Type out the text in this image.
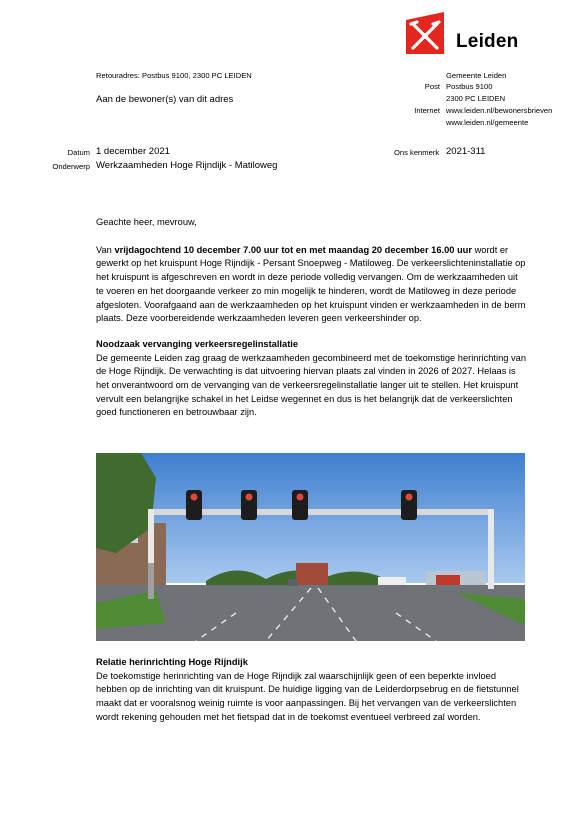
Leiden
Retouradres: Postbus 9100, 2300 PC LEIDEN
Aan de bewoner(s) van dit adres
Gemeente Leiden
Post Postbus 9100
2300 PC LEIDEN
Internet www.leiden.nl/bewonersbrieven
www.leiden.nl/gemeente
Datum 1 december 2021
Onderwerp Werkzaamheden Hoge Rijndijk - Matiloweg
Ons kenmerk 2021-311

Geachte heer, mevrouw,

Van vrijdagochtend 10 december 7.00 uur tot en met maandag 20 december 16.00 uur wordt er gewerkt op het kruispunt Hoge Rijndijk - Persant Snoepweg - Matiloweg. De verkeerslichteninstallatie op het kruispunt is afgeschreven en wordt in deze periode volledig vervangen. Om de werkzaamheden uit te voeren en het doorgaande verkeer zo min mogelijk te hinderen, wordt de Matiloweg in deze periode afgesloten. Voorafgaand aan de werkzaamheden op het kruispunt vinden er werkzaamheden in de berm plaats. Deze voorbereidende werkzaamheden leveren geen verkeershinder op.

Noodzaak vervanging verkeersregelinstallatie

De gemeente Leiden zag graag de werkzaamheden gecombineerd met de toekomstige herinrichting van de Hoge Rijndijk. De verwachting is dat uitvoering hiervan plaats zal vinden in 2026 of 2027. Helaas is het onverantwoord om de vervanging van de verkeersregelinstallatie langer uit te stellen. Het kruispunt vervult een belangrijke schakel in het Leidse wegennet en dus is het belangrijk dat de verkeerslichten goed functioneren en betrouwbaar zijn.

Relatie herinrichting Hoge Rijndijk

De toekomstige herinrichting van de Hoge Rijndijk zal waarschijnlijk geen of een beperkte invloed hebben op de inrichting van dit kruispunt. De huidige ligging van de Leiderdorpsebrug en de fietstunnel maakt dat er vooralsnog weinig ruimte is voor aanpassingen. Bij het vervangen van de verkeerslichten wordt rekening gehouden met het fietspad dat in de toekomst eventueel verbreed zal worden.
